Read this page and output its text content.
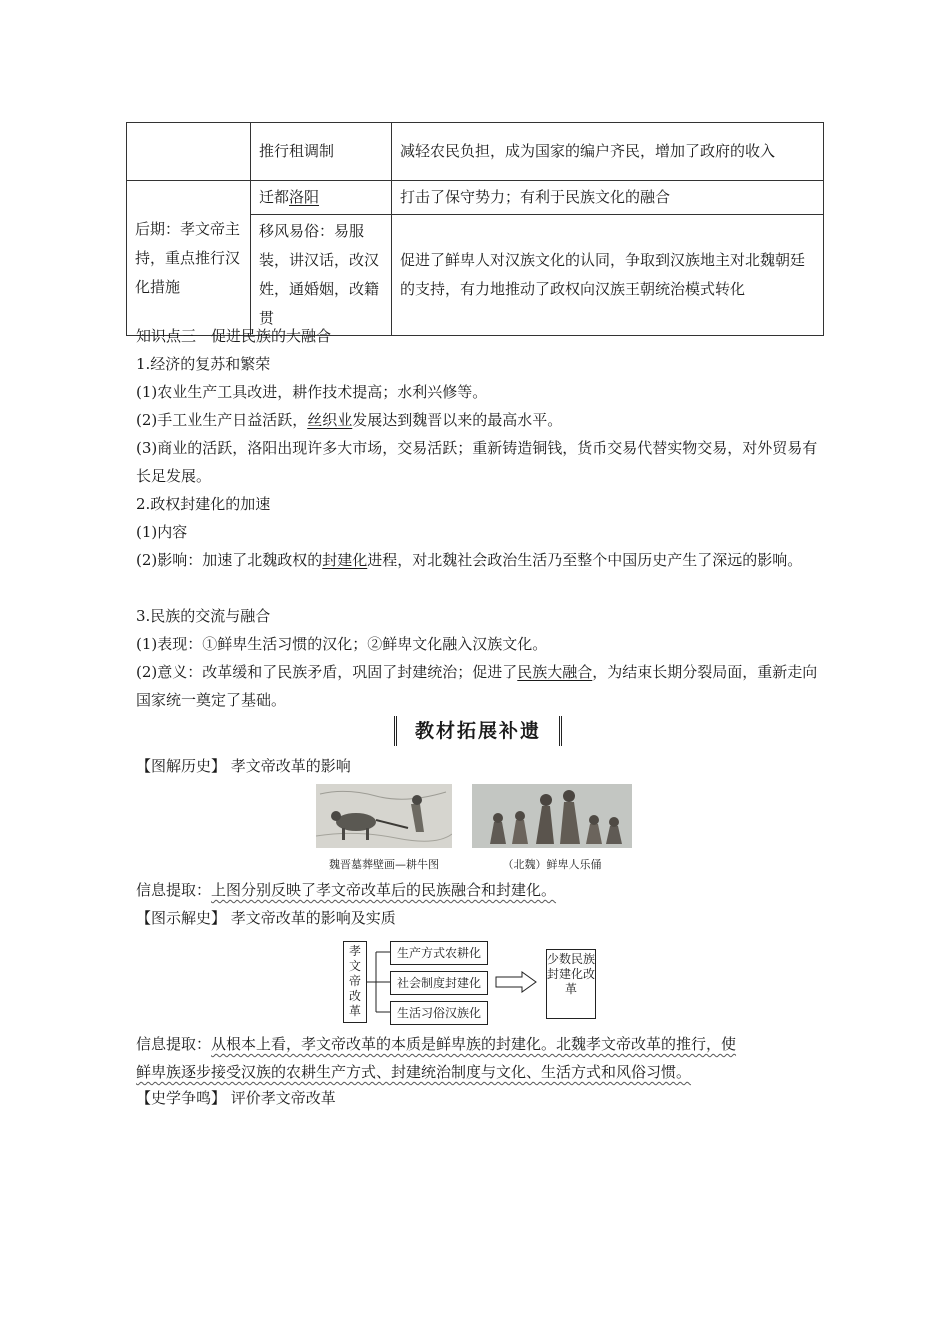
	推行租调制	减轻农民负担，成为国家的编户齐民，增加了政府的收入
后期：孝文帝主持，重点推行汉化措施	迁都洛阳	打击了保守势力；有利于民族文化的融合
	移风易俗：易服装，讲汉话，改汉姓，通婚姻，改籍贯	促进了鲜卑人对汉族文化的认同，争取到汉族地主对北魏朝廷的支持，有力地推动了政权向汉族王朝统治模式转化
知识点三　促进民族的大融合
1.经济的复苏和繁荣
(1)农业生产工具改进，耕作技术提高；水利兴修等。
(2)手工业生产日益活跃，丝织业发展达到魏晋以来的最高水平。
(3)商业的活跃，洛阳出现许多大市场，交易活跃；重新铸造铜钱，货币交易代替实物交易，对外贸易有长足发展。
2.政权封建化的加速
(1)内容
(2)影响：加速了北魏政权的封建化进程，对北魏社会政治生活乃至整个中国历史产生了深远的影响。
3.民族的交流与融合
(1)表现：①鲜卑生活习惯的汉化；②鲜卑文化融入汉族文化。
(2)意义：改革缓和了民族矛盾，巩固了封建统治；促进了民族大融合，为结束长期分裂局面，重新走向国家统一奠定了基础。
教材拓展补遗
【图解历史】 孝文帝改革的影响
魏晋墓葬壁画—耕牛图	（北魏）鲜卑人乐俑
信息提取：上图分别反映了孝文帝改革后的民族融合和封建化。
【图示解史】 孝文帝改革的影响及实质
孝文帝改革
生产方式农耕化
社会制度封建化
生活习俗汉族化
少数民族封建化改革
信息提取：从根本上看，孝文帝改革的本质是鲜卑族的封建化。北魏孝文帝改革的推行，使
鲜卑族逐步接受汉族的农耕生产方式、封建统治制度与文化、生活方式和风俗习惯。
【史学争鸣】 评价孝文帝改革
